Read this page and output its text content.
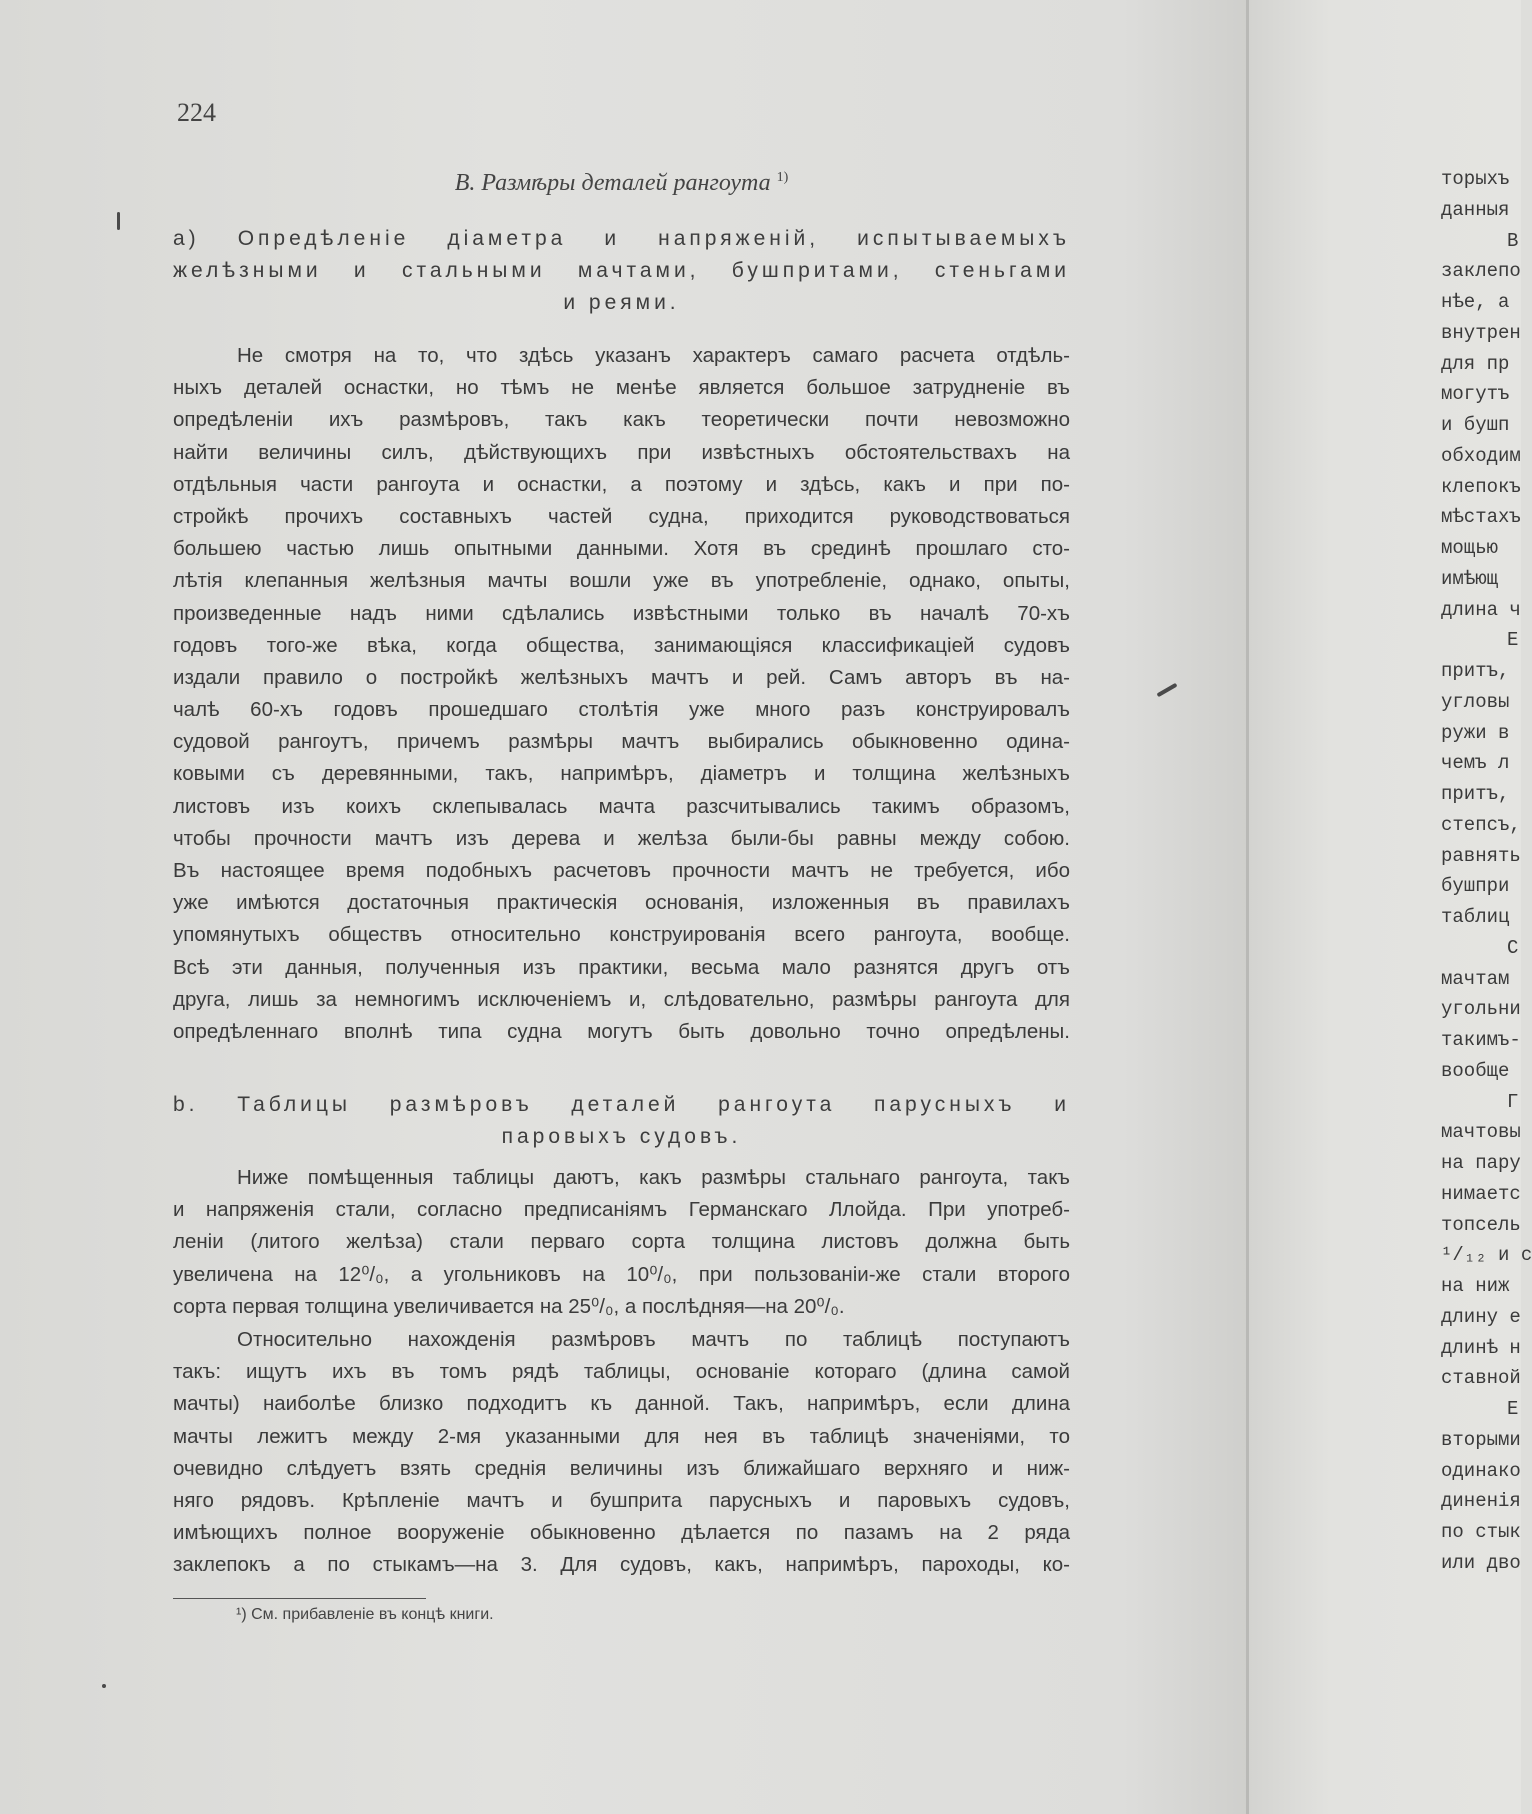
224
B. Размѣры деталей рангоута $^{1)}$
а) Опредѣленіе діаметра и напряженій, испытываемыхъ
желѣзными и стальными мачтами, бушпритами, стеньгами
и реями.
Не смотря на то, что здѣсь указанъ характеръ самаго расчета отдѣль-
ныхъ деталей оснастки, но тѣмъ не менѣе является большое затрудненіе въ
опредѣленіи ихъ размѣровъ, такъ какъ теоретически почти невозможно
найти величины силъ, дѣйствующихъ при извѣстныхъ обстоятельствахъ на
отдѣльныя части рангоута и оснастки, а поэтому и здѣсь, какъ и при по-
стройкѣ прочихъ составныхъ частей судна, приходится руководствоваться
большею частью лишь опытными данными. Хотя въ срединѣ прошлаго сто-
лѣтія клепанныя желѣзныя мачты вошли уже въ употребленіе, однако, опыты,
произведенные надъ ними сдѣлались извѣстными только въ началѣ 70-хъ
годовъ того-же вѣка, когда общества, занимающіяся классификаціей судовъ
издали правило о постройкѣ желѣзныхъ мачтъ и рей. Самъ авторъ въ на-
чалѣ 60-хъ годовъ прошедшаго столѣтія уже много разъ конструировалъ
судовой рангоутъ, причемъ размѣры мачтъ выбирались обыкновенно одина-
ковыми съ деревянными, такъ, напримѣръ, діаметръ и толщина желѣзныхъ
листовъ изъ коихъ склепывалась мачта разсчитывались такимъ образомъ,
чтобы прочности мачтъ изъ дерева и желѣза были-бы равны между собою.
Въ настоящее время подобныхъ расчетовъ прочности мачтъ не требуется, ибо
уже имѣются достаточныя практическія основанія, изложенныя въ правилахъ
упомянутыхъ обществъ относительно конструированія всего рангоута, вообще.
Всѣ эти данныя, полученныя изъ практики, весьма мало разнятся другъ отъ
друга, лишь за немногимъ исключеніемъ и, слѣдовательно, размѣры рангоута для
опредѣленнаго вполнѣ типа судна могутъ быть довольно точно опредѣлены.
b. Таблицы размѣровъ деталей рангоута парусныхъ и
паровыхъ судовъ.
Ниже помѣщенныя таблицы даютъ, какъ размѣры стальнаго рангоута, такъ
и напряженія стали, согласно предписаніямъ Германскаго Ллойда. При употреб-
леніи (литого желѣза) стали перваго сорта толщина листовъ должна быть
увеличена на 12⁰/₀, а угольниковъ на 10⁰/₀, при пользованіи-же стали второго
сорта первая толщина увеличивается на 25⁰/₀, а послѣдняя—на 20⁰/₀.
Относительно нахожденія размѣровъ мачтъ по таблицѣ поступаютъ
такъ: ищутъ ихъ въ томъ рядѣ таблицы, основаніе котораго (длина самой
мачты) наиболѣе близко подходитъ къ данной. Такъ, напримѣръ, если длина
мачты лежитъ между 2-мя указанными для нея въ таблицѣ значеніями, то
очевидно слѣдуетъ взять среднія величины изъ ближайшаго верхняго и ниж-
няго рядовъ. Крѣпленіе мачтъ и бушприта парусныхъ и паровыхъ судовъ,
имѣющихъ полное вооруженіе обыкновенно дѣлается по пазамъ на 2 ряда
заклепокъ а по стыкамъ—на 3. Для судовъ, какъ, напримѣръ, пароходы, ко-
¹) См. прибавленіе въ концѣ книги.
торыхъ
данныя
В
заклепо
нѣе, а
внутрен
для пр
могутъ
и бушп
обходим
клепокъ
мѣстахъ
мощью
имѣющ
длина ч
Е
притъ,
угловы
ружи в
чемъ л
притъ,
степсъ,
равнять
бушпри
таблиц
С
мачтам
угольни
такимъ-
вообще
Г
мачтовы
на пару
нимаетс
топсель
¹/₁₂ и с
на ниж
длину е
длинѣ н
ставной
Е
вторыми
одинако
диненія
по стык
или дво
